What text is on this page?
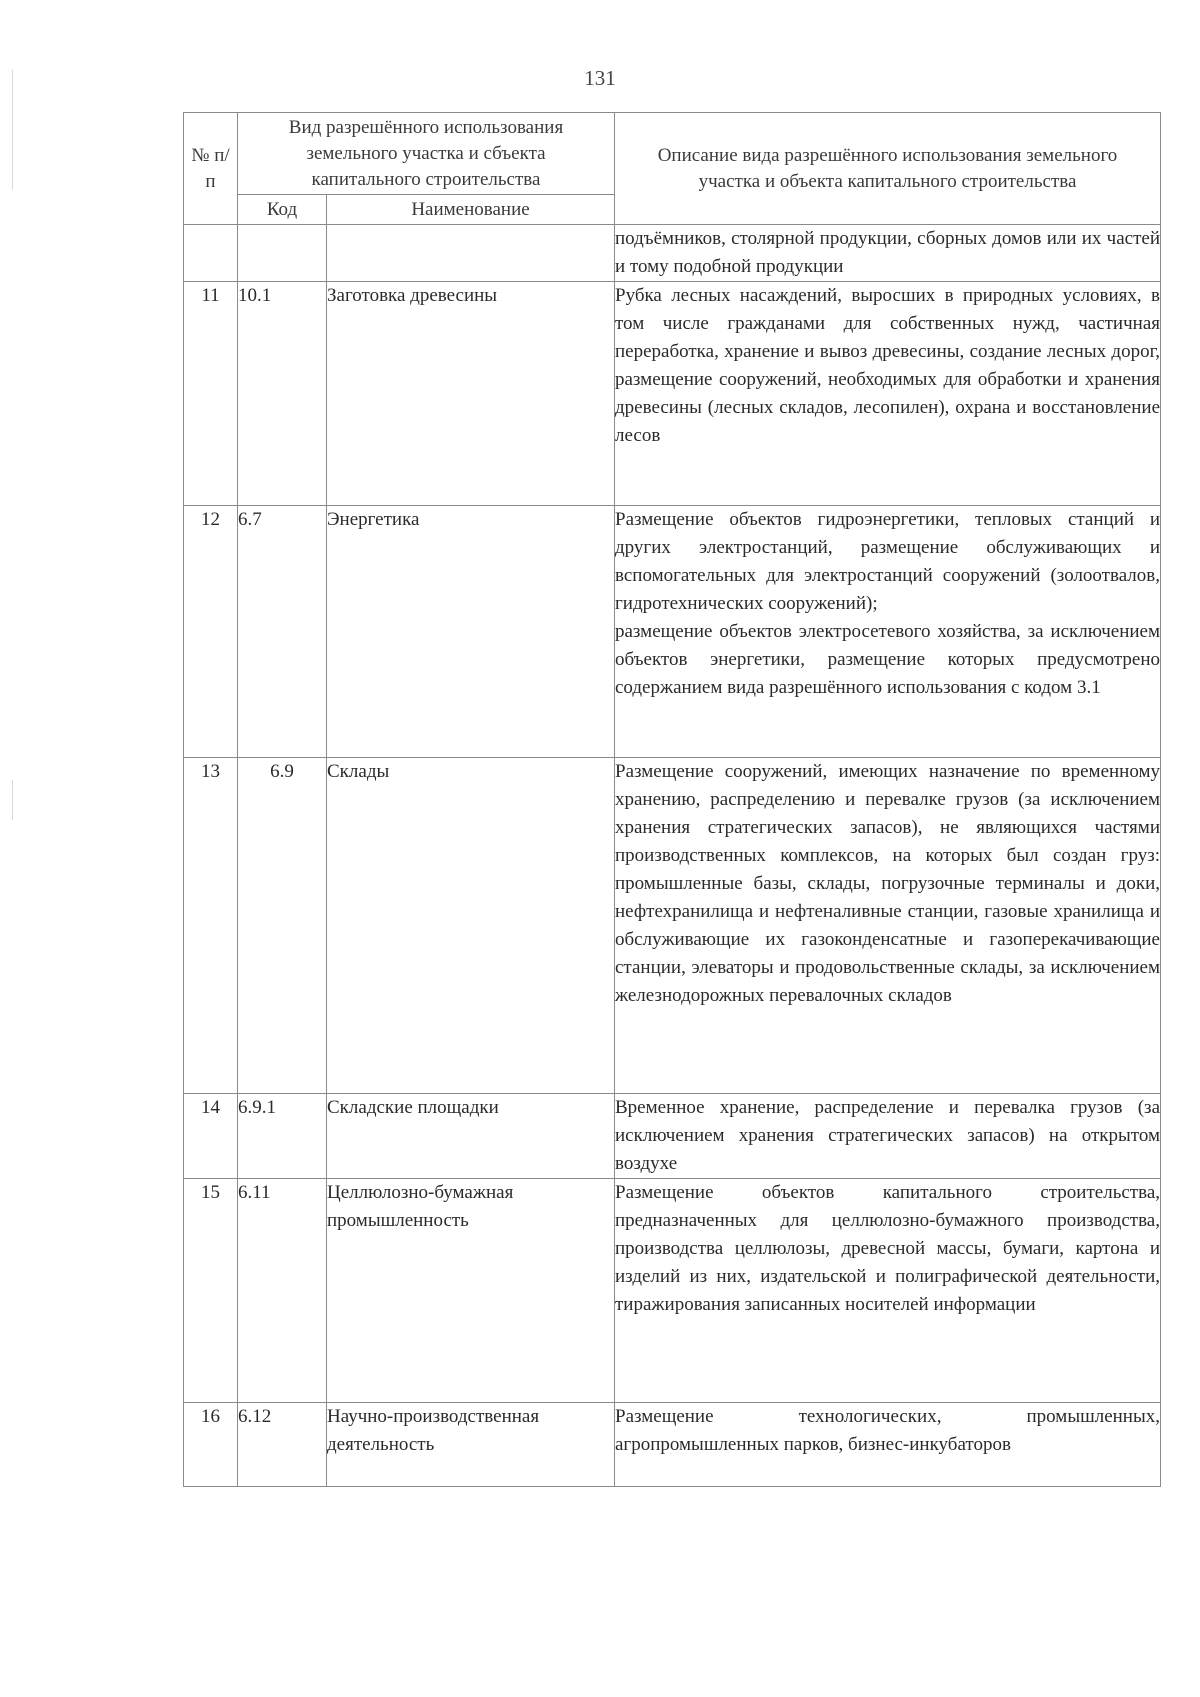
131
№ п/п	Вид разрешённого использования земельного участка и сбъекта капитального строительства		Описание вида разрешённого использования земельного участка и объекта капитального строительства
	Код	Наименование	

			подъёмников, столярной продукции, сборных домов или их частей и тому подобной продукции

11	10.1	Заготовка древесины	Рубка лесных насаждений, выросших в природных условиях, в том числе гражданами для собственных нужд, частичная переработка, хранение и вывоз древесины, создание лесных дорог, размещение сооружений, необходимых для обработки и хранения древесины (лесных складов, лесопилен), охрана и восстановление лесов

12	6.7	Энергетика	Размещение объектов гидроэнергетики, тепловых станций и других электростанций, размещение обслуживающих и вспомогательных для электростанций сооружений (золоотвалов, гидротехнических сооружений);
размещение объектов электросетевого хозяйства, за исключением объектов энергетики, размещение которых предусмотрено содержанием вида разрешённого использования с кодом 3.1

13	6.9	Склады	Размещение сооружений, имеющих назначение по временному хранению, распределению и перевалке грузов (за исключением хранения стратегических запасов), не являющихся частями производственных комплексов, на которых был создан груз: промышленные базы, склады, погрузочные терминалы и доки, нефтехранилища и нефтеналивные станции, газовые хранилища и обслуживающие их газоконденсатные и газоперекачивающие станции, элеваторы и продовольственные склады, за исключением железнодорожных перевалочных складов

14	6.9.1	Складские площадки	Временное хранение, распределение и перевалка грузов (за исключением хранения стратегических запасов) на открытом воздухе

15	6.11	Целлюлозно-бумажная промышленность	Размещение объектов капитального строительства, предназначенных для целлюлозно-бумажного производства, производства целлюлозы, древесной массы, бумаги, картона и изделий из них, издательской и полиграфической деятельности, тиражирования записанных носителей информации

16	6.12	Научно-производственная деятельность	Размещение технологических, промышленных, агропромышленных парков, бизнес-инкубаторов
